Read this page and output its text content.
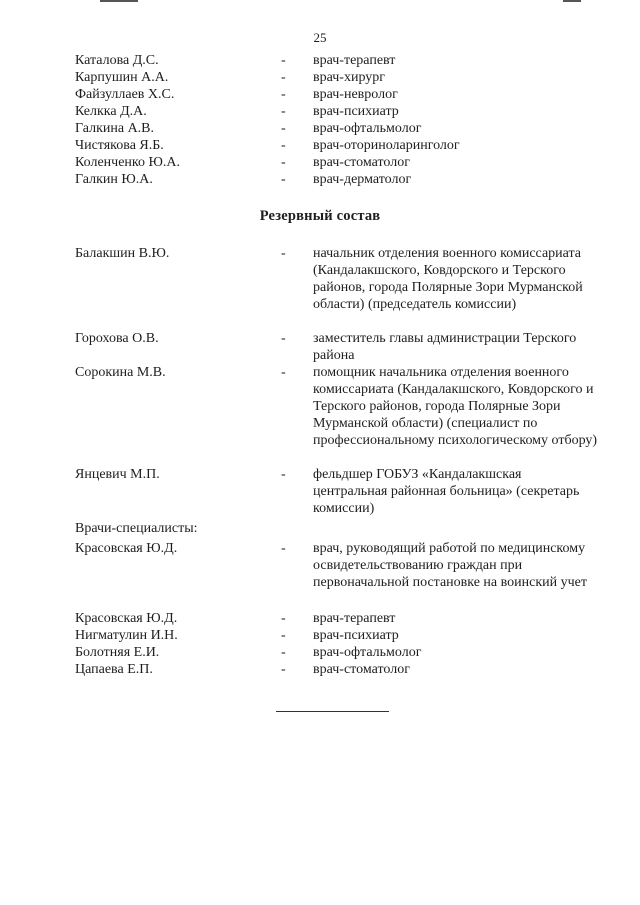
25
Каталова Д.С.	- врач-терапевт
Карпушин А.А.	- врач-хирург
Файзуллаев Х.С.	- врач-невролог
Келкка Д.А.	- врач-психиатр
Галкина А.В.	- врач-офтальмолог
Чистякова Я.Б.	- врач-оториноларинголог
Коленченко Ю.А.	- врач-стоматолог
Галкин Ю.А.	- врач-дерматолог
Резервный состав
Балакшин В.Ю.	- начальник отделения военного комиссариата (Кандалакшского, Ковдорского и Терского районов, города Полярные Зори Мурманской области) (председатель комиссии)
Горохова О.В.	- заместитель главы администрации Терского района
Сорокина М.В.	- помощник начальника отделения военного комиссариата (Кандалакшского, Ковдорского и Терского районов, города Полярные Зори Мурманской области) (специалист по профессиональному психологическому отбору)
Янцевич М.П.	- фельдшер ГОБУЗ «Кандалакшская центральная районная больница» (секретарь комиссии)
Врачи-специалисты:
Красовская Ю.Д.	- врач, руководящий работой по медицинскому освидетельствованию граждан при первоначальной постановке на воинский учет
Красовская Ю.Д.	- врач-терапевт
Нигматулин И.Н.	- врач-психиатр
Болотняя Е.И.	- врач-офтальмолог
Цапаева Е.П.	- врач-стоматолог
